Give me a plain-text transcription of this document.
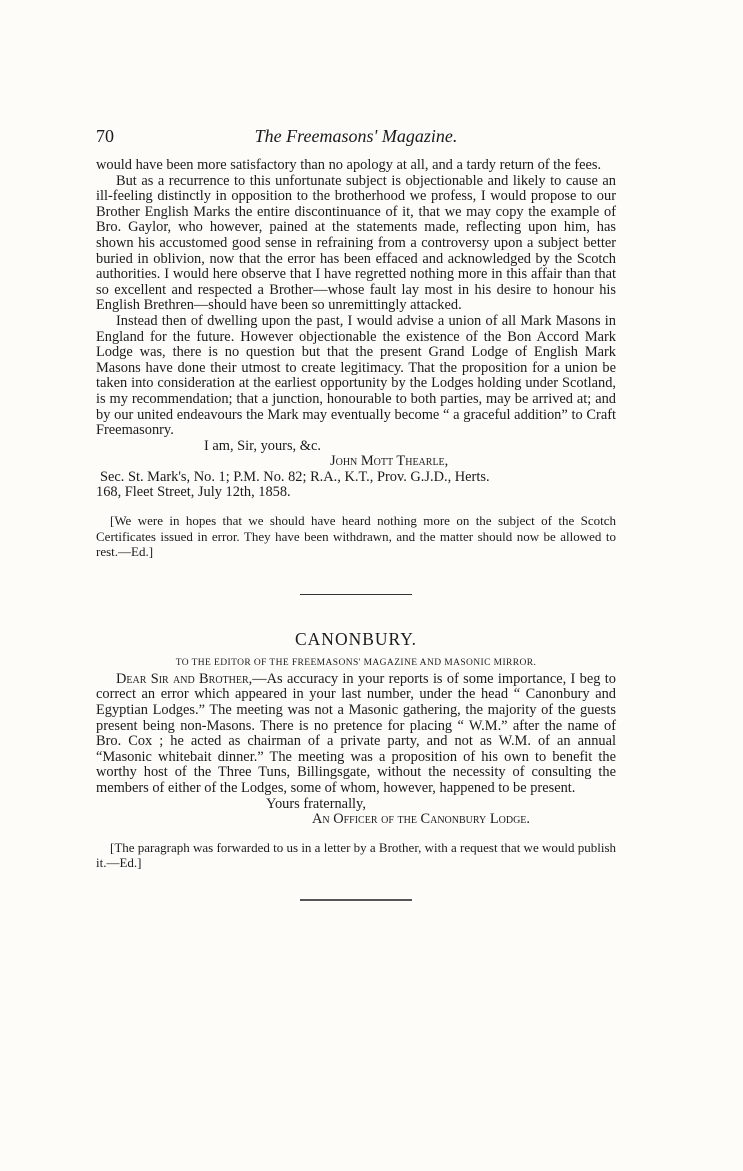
70	The Freemasons' Magazine.

would have been more satisfactory than no apology at all, and a tardy return of the fees.

But as a recurrence to this unfortunate subject is objectionable and likely to cause an ill-feeling distinctly in opposition to the brotherhood we profess, I would propose to our Brother English Marks the entire discontinuance of it, that we may copy the example of Bro. Gaylor, who however, pained at the statements made, reflecting upon him, has shown his accustomed good sense in refraining from a controversy upon a subject better buried in oblivion, now that the error has been effaced and acknowledged by the Scotch authorities. I would here observe that I have regretted nothing more in this affair than that so excellent and respected a Brother—whose fault lay most in his desire to honour his English Brethren—should have been so unremittingly attacked.

Instead then of dwelling upon the past, I would advise a union of all Mark Masons in England for the future. However objectionable the existence of the Bon Accord Mark Lodge was, there is no question but that the present Grand Lodge of English Mark Masons have done their utmost to create legitimacy. That the proposition for a union be taken into consideration at the earliest opportunity by the Lodges holding under Scotland, is my recommendation; that a junction, honourable to both parties, may be arrived at; and by our united endeavours the Mark may eventually become “ a graceful addition” to Craft Freemasonry.

I am, Sir, yours, &c.
John Mott Thearle,
Sec. St. Mark's, No. 1; P.M. No. 82; R.A., K.T., Prov. G.J.D., Herts.
168, Fleet Street, July 12th, 1858.

[We were in hopes that we should have heard nothing more on the subject of the Scotch Certificates issued in error. They have been withdrawn, and the matter should now be allowed to rest.—Ed.]

CANONBURY.
TO THE EDITOR OF THE FREEMASONS' MAGAZINE AND MASONIC MIRROR.

Dear Sir and Brother,—As accuracy in your reports is of some importance, I beg to correct an error which appeared in your last number, under the head “ Canonbury and Egyptian Lodges.” The meeting was not a Masonic gathering, the majority of the guests present being non-Masons. There is no pretence for placing “ W.M.” after the name of Bro. Cox ; he acted as chairman of a private party, and not as W.M. of an annual “Masonic whitebait dinner.” The meeting was a proposition of his own to benefit the worthy host of the Three Tuns, Billingsgate, without the necessity of consulting the members of either of the Lodges, some of whom, however, happened to be present.

Yours fraternally,
An Officer of the Canonbury Lodge.

[The paragraph was forwarded to us in a letter by a Brother, with a request that we would publish it.—Ed.]
